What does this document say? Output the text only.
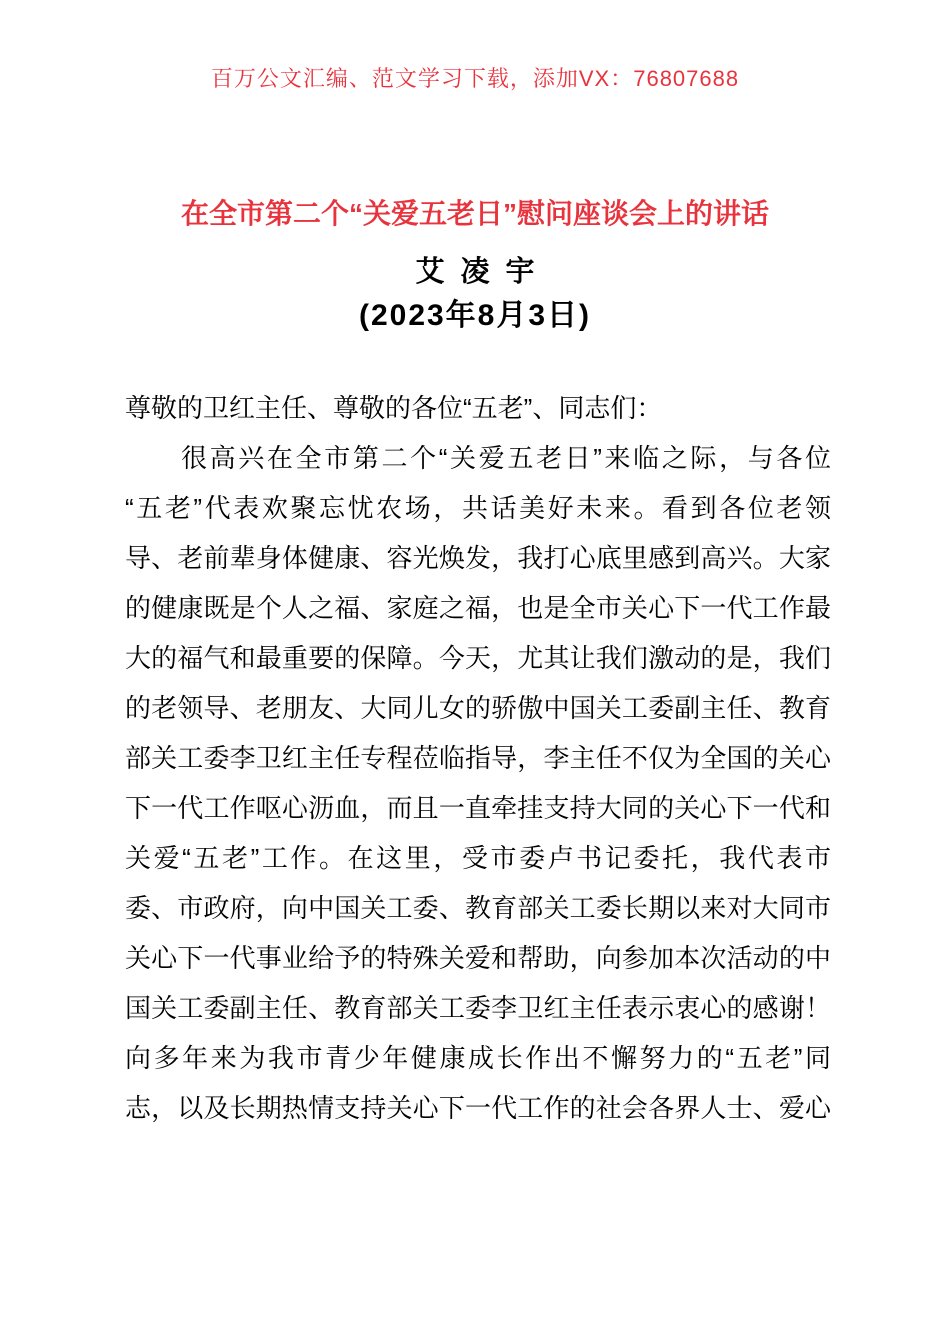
百万公文汇编、范文学习下载，添加VX：76807688
在全市第二个“关爱五老日”慰问座谈会上的讲话
艾 凌 宇
(2023年8月3日)
尊敬的卫红主任、尊敬的各位“五老”、同志们：
很高兴在全市第二个“关爱五老日”来临之际，与各位
“五老”代表欢聚忘忧农场，共话美好未来。看到各位老领
导、老前辈身体健康、容光焕发，我打心底里感到高兴。大家
的健康既是个人之福、家庭之福，也是全市关心下一代工作最
大的福气和最重要的保障。今天，尤其让我们激动的是，我们
的老领导、老朋友、大同儿女的骄傲中国关工委副主任、教育
部关工委李卫红主任专程莅临指导，李主任不仅为全国的关心
下一代工作呕心沥血，而且一直牵挂支持大同的关心下一代和
关爱“五老”工作。在这里，受市委卢书记委托，我代表市
委、市政府，向中国关工委、教育部关工委长期以来对大同市
关心下一代事业给予的特殊关爱和帮助，向参加本次活动的中
国关工委副主任、教育部关工委李卫红主任表示衷心的感谢！
向多年来为我市青少年健康成长作出不懈努力的“五老”同
志，以及长期热情支持关心下一代工作的社会各界人士、爱心
